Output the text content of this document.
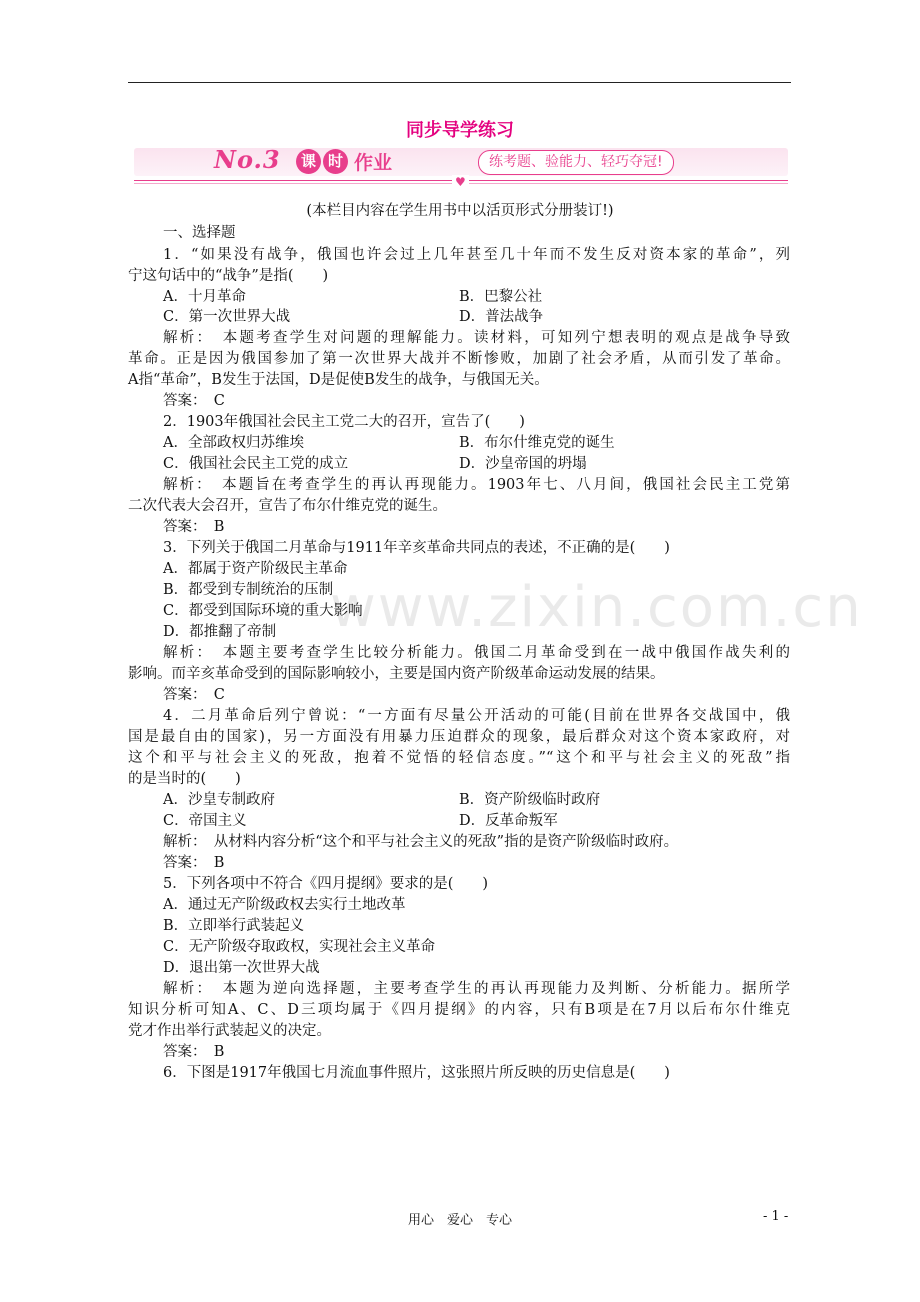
同步导学练习
No.3	课 时 作业	练考题、验能力、轻巧夺冠!
♥
(本栏目内容在学生用书中以活页形式分册装订!)
一、选择题
www.zixin.com.cn
1．“如果没有战争，俄国也许会过上几年甚至几十年而不发生反对资本家的革命”，列
宁这句话中的“战争”是指(　　)
A．十月革命	B．巴黎公社
C．第一次世界大战	D．普法战争
解析：　本题考查学生对问题的理解能力。读材料，可知列宁想表明的观点是战争导致
革命。正是因为俄国参加了第一次世界大战并不断惨败，加剧了社会矛盾，从而引发了革命。
A指“革命”，B发生于法国，D是促使B发生的战争，与俄国无关。
答案：　C
2．1903年俄国社会民主工党二大的召开，宣告了(　　)
A．全部政权归苏维埃	B．布尔什维克党的诞生
C．俄国社会民主工党的成立	D．沙皇帝国的坍塌
解析：　本题旨在考查学生的再认再现能力。1903年七、八月间，俄国社会民主工党第
二次代表大会召开，宣告了布尔什维克党的诞生。
答案：　B
3．下列关于俄国二月革命与1911年辛亥革命共同点的表述，不正确的是(　　)
A．都属于资产阶级民主革命
B．都受到专制统治的压制
C．都受到国际环境的重大影响
D．都推翻了帝制
解析：　本题主要考查学生比较分析能力。俄国二月革命受到在一战中俄国作战失利的
影响。而辛亥革命受到的国际影响较小，主要是国内资产阶级革命运动发展的结果。
答案：　C
4．二月革命后列宁曾说：“一方面有尽量公开活动的可能(目前在世界各交战国中，俄
国是最自由的国家)，另一方面没有用暴力压迫群众的现象，最后群众对这个资本家政府，对
这个和平与社会主义的死敌，抱着不觉悟的轻信态度。”“这个和平与社会主义的死敌”指
的是当时的(　　)
A．沙皇专制政府	B．资产阶级临时政府
C．帝国主义	D．反革命叛军
解析：　从材料内容分析“这个和平与社会主义的死敌”指的是资产阶级临时政府。
答案：　B
5．下列各项中不符合《四月提纲》要求的是(　　)
A．通过无产阶级政权去实行土地改革
B．立即举行武装起义
C．无产阶级夺取政权，实现社会主义革命
D．退出第一次世界大战
解析：　本题为逆向选择题，主要考查学生的再认再现能力及判断、分析能力。据所学
知识分析可知A、C、D三项均属于《四月提纲》的内容，只有B项是在7月以后布尔什维克
党才作出举行武装起义的决定。
答案：　B
6．下图是1917年俄国七月流血事件照片，这张照片所反映的历史信息是(　　)
用心　爱心　专心	- 1 -
